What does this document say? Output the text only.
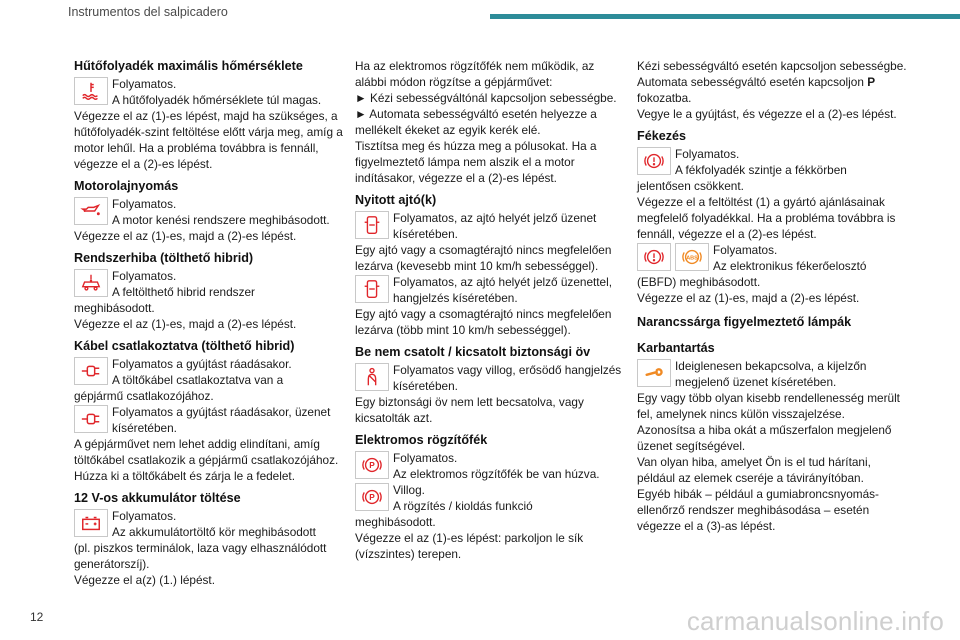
Instrumentos del salpicadero
Hűtőfolyadék maximális hőmérséklete
Folyamatos.
A hűtőfolyadék hőmérséklete túl magas.
Végezze el az (1)-es lépést, majd ha szükséges, a hűtőfolyadék-szint feltöltése előtt várja meg, amíg a motor lehűl. Ha a probléma továbbra is fennáll, végezze el a (2)-es lépést.
Motorolajnyomás
Folyamatos.
A motor kenési rendszere meghibásodott.
Végezze el az (1)-es, majd a (2)-es lépést.
Rendszerhiba (tölthető hibrid)
Folyamatos.
A feltölthető hibrid rendszer
meghibásodott.
Végezze el az (1)-es, majd a (2)-es lépést.
Kábel csatlakoztatva (tölthető hibrid)
Folyamatos a gyújtást ráadásakor.
A töltőkábel csatlakoztatva van a
gépjármű csatlakozójához.
Folyamatos a gyújtást ráadásakor, üzenet kíséretében.
A gépjárművet nem lehet addig elindítani, amíg töltőkábel csatlakozik a gépjármű csatlakozójához.
Húzza ki a töltőkábelt és zárja le a fedelet.
12 V-os akkumulátor töltése
Folyamatos.
Az akkumulátortöltő kör meghibásodott
(pl. piszkos terminálok, laza vagy elhasználódott generátorszíj).
Végezze el a(z) (1.) lépést.
Ha az elektromos rögzítőfék nem működik, az alábbi módon rögzítse a gépjárművet:
► Kézi sebességváltónál kapcsoljon sebességbe.
► Automata sebességváltó esetén helyezze a mellékelt ékeket az egyik kerék elé.
Tisztítsa meg és húzza meg a pólusokat. Ha a figyelmeztető lámpa nem alszik el a motor indításakor, végezze el a (2)-es lépést.
Nyitott ajtó(k)
Folyamatos, az ajtó helyét jelző üzenet kíséretében.
Egy ajtó vagy a csomagtérajtó nincs megfelelően lezárva (kevesebb mint 10 km/h sebességgel).
Folyamatos, az ajtó helyét jelző üzenettel, hangjelzés kíséretében.
Egy ajtó vagy a csomagtérajtó nincs megfelelően lezárva (több mint 10 km/h sebességgel).
Be nem csatolt / kicsatolt biztonsági öv
Folyamatos vagy villog, erősödő hangjelzés kíséretében.
Egy biztonsági öv nem lett becsatolva, vagy kicsatolták azt.
Elektromos rögzítőfék
P
Folyamatos.
Az elektromos rögzítőfék be van húzva.
P
Villog.
A rögzítés / kioldás funkció
meghibásodott.
Végezze el az (1)-es lépést: parkoljon le sík (vízszintes) terepen.
Kézi sebességváltó esetén kapcsoljon sebességbe.
Automata sebességváltó esetén kapcsoljon P
fokozatba.
Vegye le a gyújtást, és végezze el a (2)-es lépést.
Fékezés
Folyamatos.
A fékfolyadék szintje a fékkörben
jelentősen csökkent.
Végezze el a feltöltést (1) a gyártó ajánlásainak megfelelő folyadékkal. Ha a probléma továbbra is fennáll, végezze el a (2)-es lépést.
ABS
Folyamatos.
Az elektronikus fékerőelosztó
(EBFD) meghibásodott.
Végezze el az (1)-es, majd a (2)-es lépést.
Narancssárga figyelmeztető lámpák
Karbantartás
Ideiglenesen bekapcsolva, a kijelzőn megjelenő üzenet kíséretében.
Egy vagy több olyan kisebb rendellenesség merült fel, amelynek nincs külön visszajelzése.
Azonosítsa a hiba okát a műszerfalon megjelenő üzenet segítségével.
Van olyan hiba, amelyet Ön is el tud hárítani, például az elemek cseréje a távirányítóban.
Egyéb hibák – például a gumiabroncsnyomás-ellenőrző rendszer meghibásodása – esetén végezze el a (3)-as lépést.
12	carmanualsonline.info
